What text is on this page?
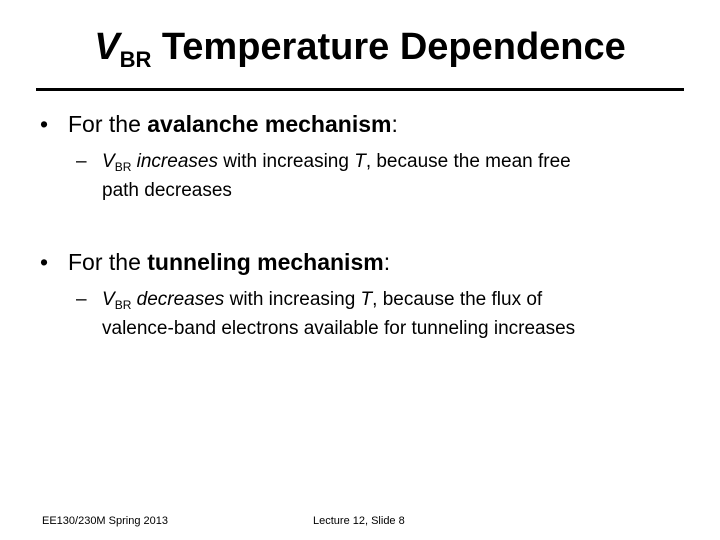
$V_{BR}$ Temperature Dependence
• For the avalanche mechanism:
– $V_{BR}$ increases with increasing T, because the mean free
path decreases
• For the tunneling mechanism:
– $V_{BR}$ decreases with increasing T, because the flux of
valence-band electrons available for tunneling increases
EE130/230M Spring 2013	Lecture 12, Slide 8
